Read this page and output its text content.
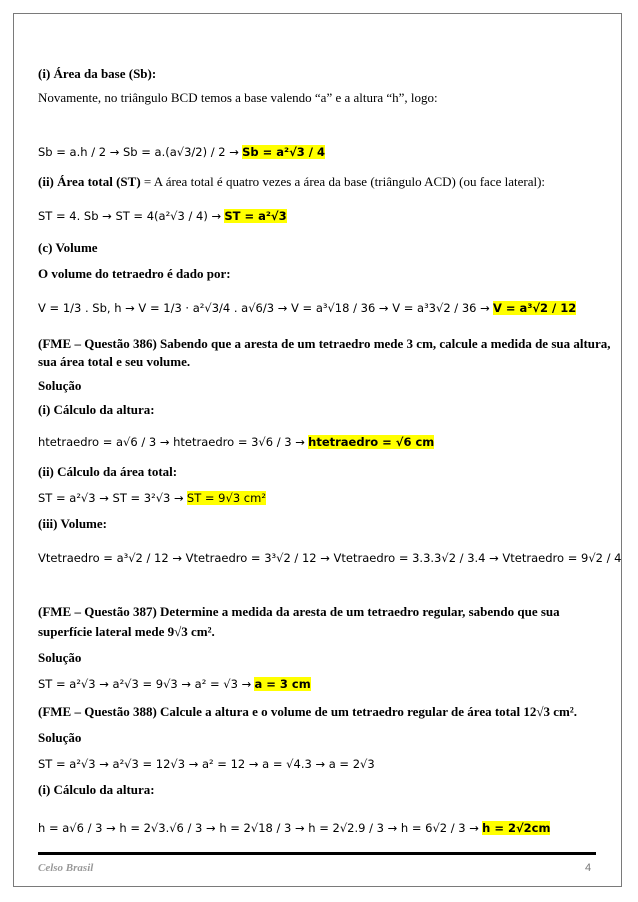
(i) Área da base (Sb):
Novamente, no triângulo BCD temos a base valendo “a” e a altura “h”, logo:
Sb = a.h / 2 → Sb = a.(a√3/2) / 2 → Sb = a²√3 / 4
(ii) Área total (ST) = A área total é quatro vezes a área da base (triângulo ACD) (ou face lateral):
ST = 4. Sb → ST = 4(a²√3 / 4) → ST = a²√3
(c) Volume
O volume do tetraedro é dado por:
V = 1/3 . Sb, h → V = 1/3 · a²√3/4 . a√6/3 → V = a³√18 / 36 → V = a³3√2 / 36 → V = a³√2 / 12
(FME – Questão 386) Sabendo que a aresta de um tetraedro mede 3 cm, calcule a medida de sua altura,
sua área total e seu volume.
Solução
(i) Cálculo da altura:
htetraedro = a√6 / 3 → htetraedro = 3√6 / 3 → htetraedro = √6 cm
(ii) Cálculo da área total:
ST = a²√3 → ST = 3²√3 → ST = 9√3 cm²
(iii) Volume:
Vtetraedro = a³√2 / 12 → Vtetraedro = 3³√2 / 12 → Vtetraedro = 3.3.3√2 / 3.4 → Vtetraedro = 9√2 / 4
(FME – Questão 387) Determine a medida da aresta de um tetraedro regular, sabendo que sua
superfície lateral mede 9√3 cm².
Solução
ST = a²√3 → a²√3 = 9√3 → a² = √3 → a = 3 cm
(FME – Questão 388) Calcule a altura e o volume de um tetraedro regular de área total 12√3 cm².
Solução
ST = a²√3 → a²√3 = 12√3 → a² = 12 → a = √4.3 → a = 2√3
(i) Cálculo da altura:
h = a√6 / 3 → h = 2√3.√6 / 3 → h = 2√18 / 3 → h = 2√2.9 / 3 → h = 6√2 / 3 → h = 2√2cm
Celso Brasil	4
